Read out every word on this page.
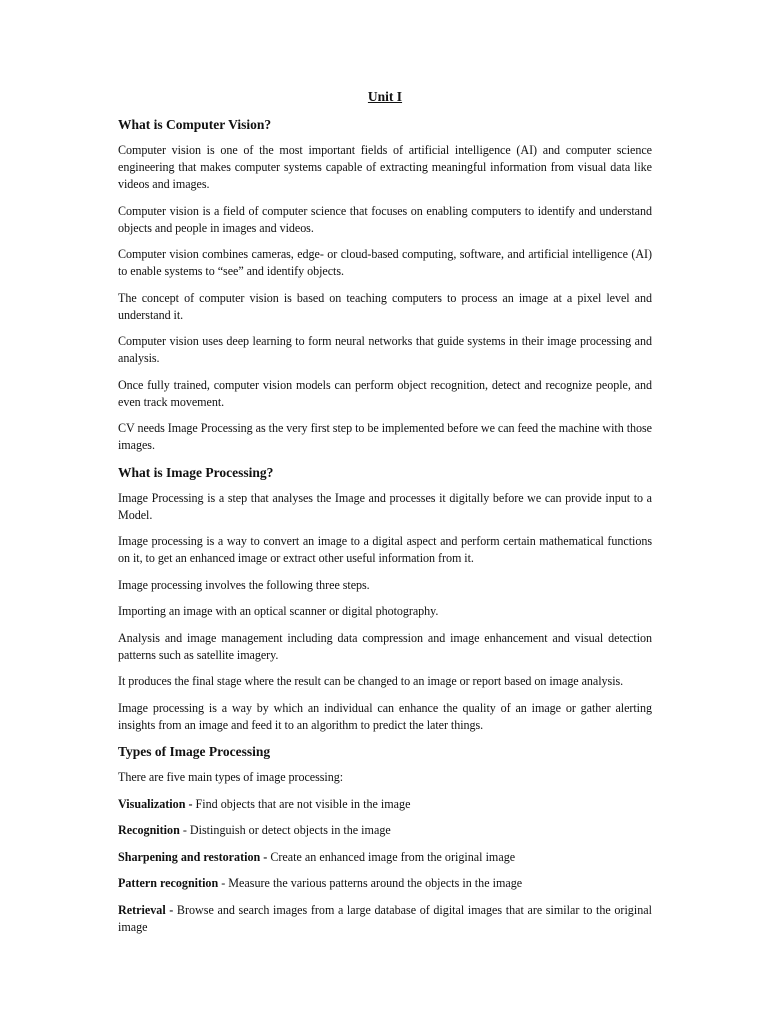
Unit I
What is Computer Vision?

Computer vision is one of the most important fields of artificial intelligence (AI) and computer science engineering that makes computer systems capable of extracting meaningful information from visual data like videos and images.

Computer vision is a field of computer science that focuses on enabling computers to identify and understand objects and people in images and videos.

Computer vision combines cameras, edge- or cloud-based computing, software, and artificial intelligence (AI) to enable systems to “see” and identify objects.

The concept of computer vision is based on teaching computers to process an image at a pixel level and understand it.

Computer vision uses deep learning to form neural networks that guide systems in their image processing and analysis.

Once fully trained, computer vision models can perform object recognition, detect and recognize people, and even track movement.

CV needs Image Processing as the very first step to be implemented before we can feed the machine with those images.

What is Image Processing?

Image Processing is a step that analyses the Image and processes it digitally before we can provide input to a Model.

Image processing is a way to convert an image to a digital aspect and perform certain mathematical functions on it, to get an enhanced image or extract other useful information from it.

Image processing involves the following three steps.

Importing an image with an optical scanner or digital photography.

Analysis and image management including data compression and image enhancement and visual detection patterns such as satellite imagery.

It produces the final stage where the result can be changed to an image or report based on image analysis.

Image processing is a way by which an individual can enhance the quality of an image or gather alerting insights from an image and feed it to an algorithm to predict the later things.

Types of Image Processing

There are five main types of image processing:

Visualization - Find objects that are not visible in the image
Recognition - Distinguish or detect objects in the image
Sharpening and restoration - Create an enhanced image from the original image
Pattern recognition - Measure the various patterns around the objects in the image
Retrieval - Browse and search images from a large database of digital images that are similar to the original image
